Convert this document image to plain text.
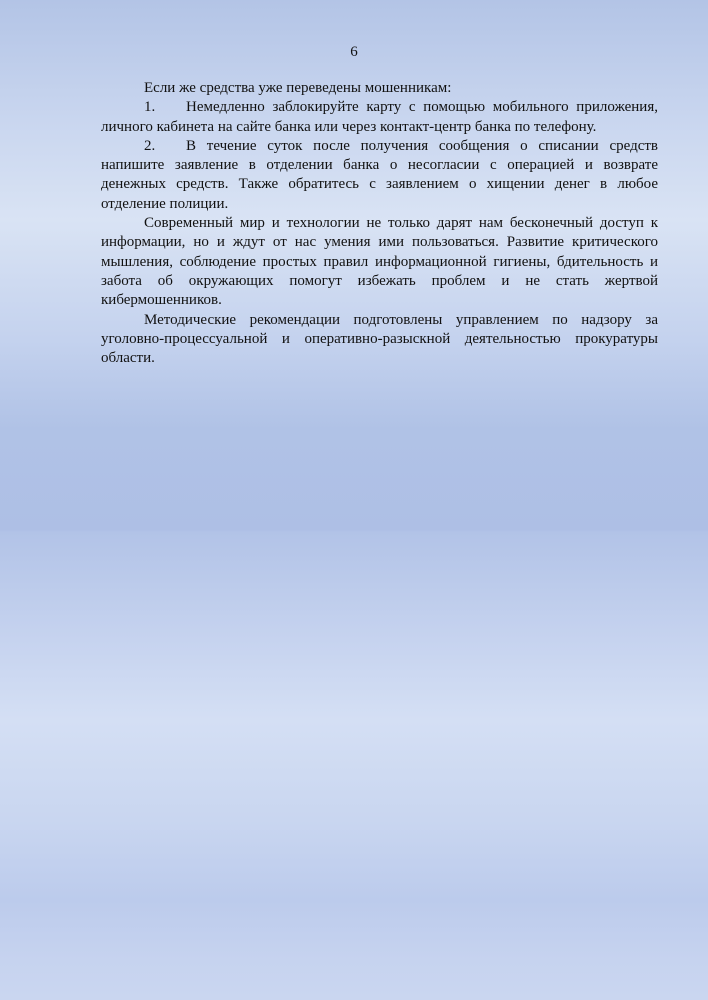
6

Если же средства уже переведены мошенникам:

1. Немедленно заблокируйте карту с помощью мобильного приложения, личного кабинета на сайте банка или через контакт-центр банка по телефону.

2. В течение суток после получения сообщения о списании средств напишите заявление в отделении банка о несогласии с операцией и возврате денежных средств. Также обратитесь с заявлением о хищении денег в любое отделение полиции.

Современный мир и технологии не только дарят нам бесконечный доступ к информации, но и ждут от нас умения ими пользоваться. Развитие критического мышления, соблюдение простых правил информационной гигиены, бдительность и забота об окружающих помогут избежать проблем и не стать жертвой кибермошенников.

Методические рекомендации подготовлены управлением по надзору за уголовно-процессуальной и оперативно-разыскной деятельностью прокуратуры области.
